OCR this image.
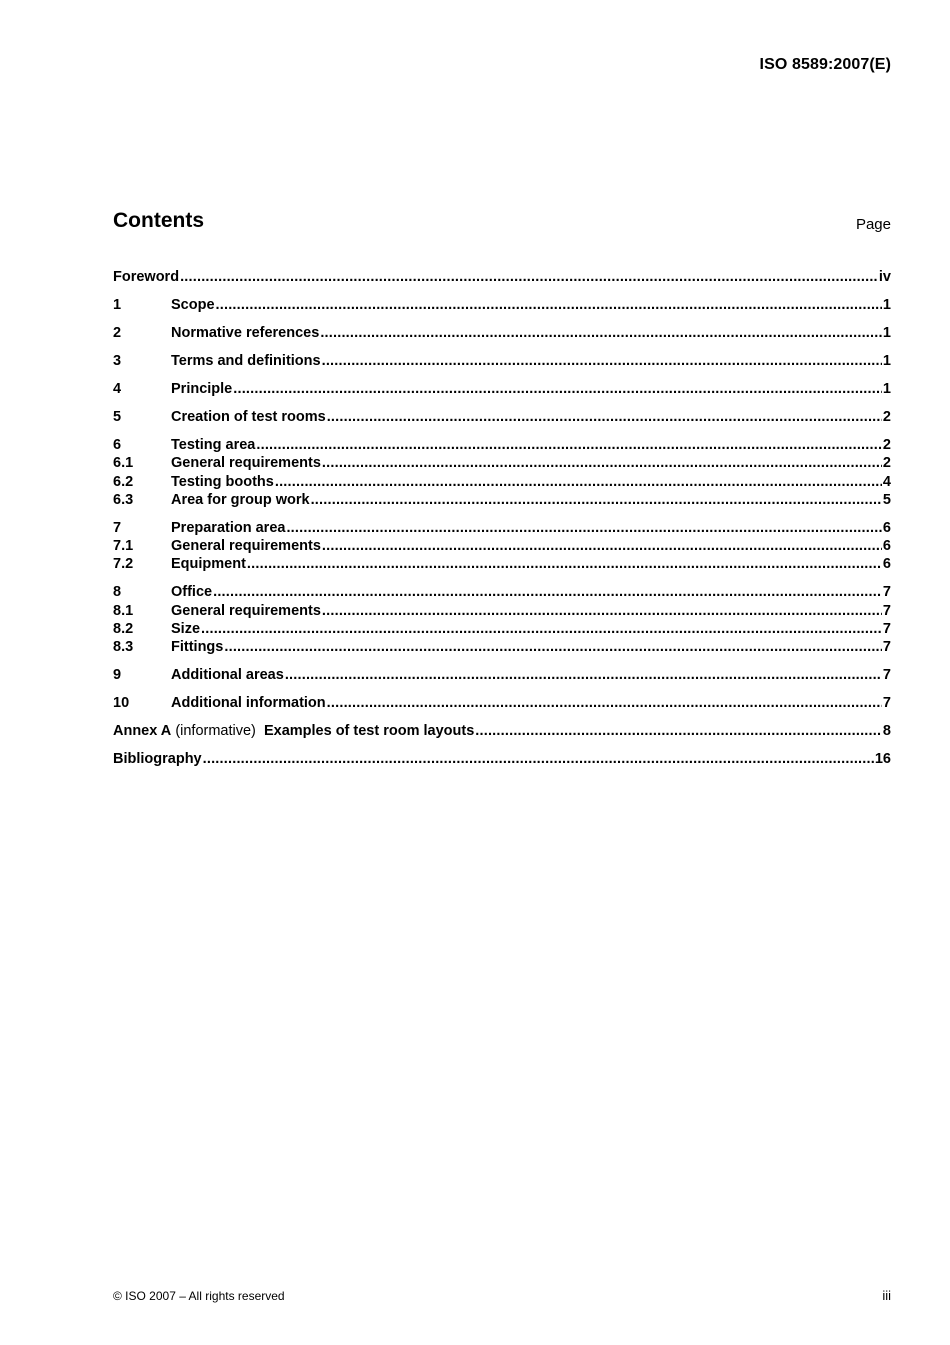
ISO 8589:2007(E)
Contents	Page
Foreword .....	iv
1	Scope .....	1
2	Normative references .....	1
3	Terms and definitions .....	1
4	Principle .....	1
5	Creation of test rooms .....	2
6	Testing area .....	2
6.1	General requirements .....	2
6.2	Testing booths .....	4
6.3	Area for group work .....	5
7	Preparation area .....	6
7.1	General requirements .....	6
7.2	Equipment .....	6
8	Office .....	7
8.1	General requirements .....	7
8.2	Size .....	7
8.3	Fittings .....	7
9	Additional areas .....	7
10	Additional information .....	7
Annex A (informative) Examples of test room layouts .....	8
Bibliography .....	16
© ISO 2007 – All rights reserved	iii
